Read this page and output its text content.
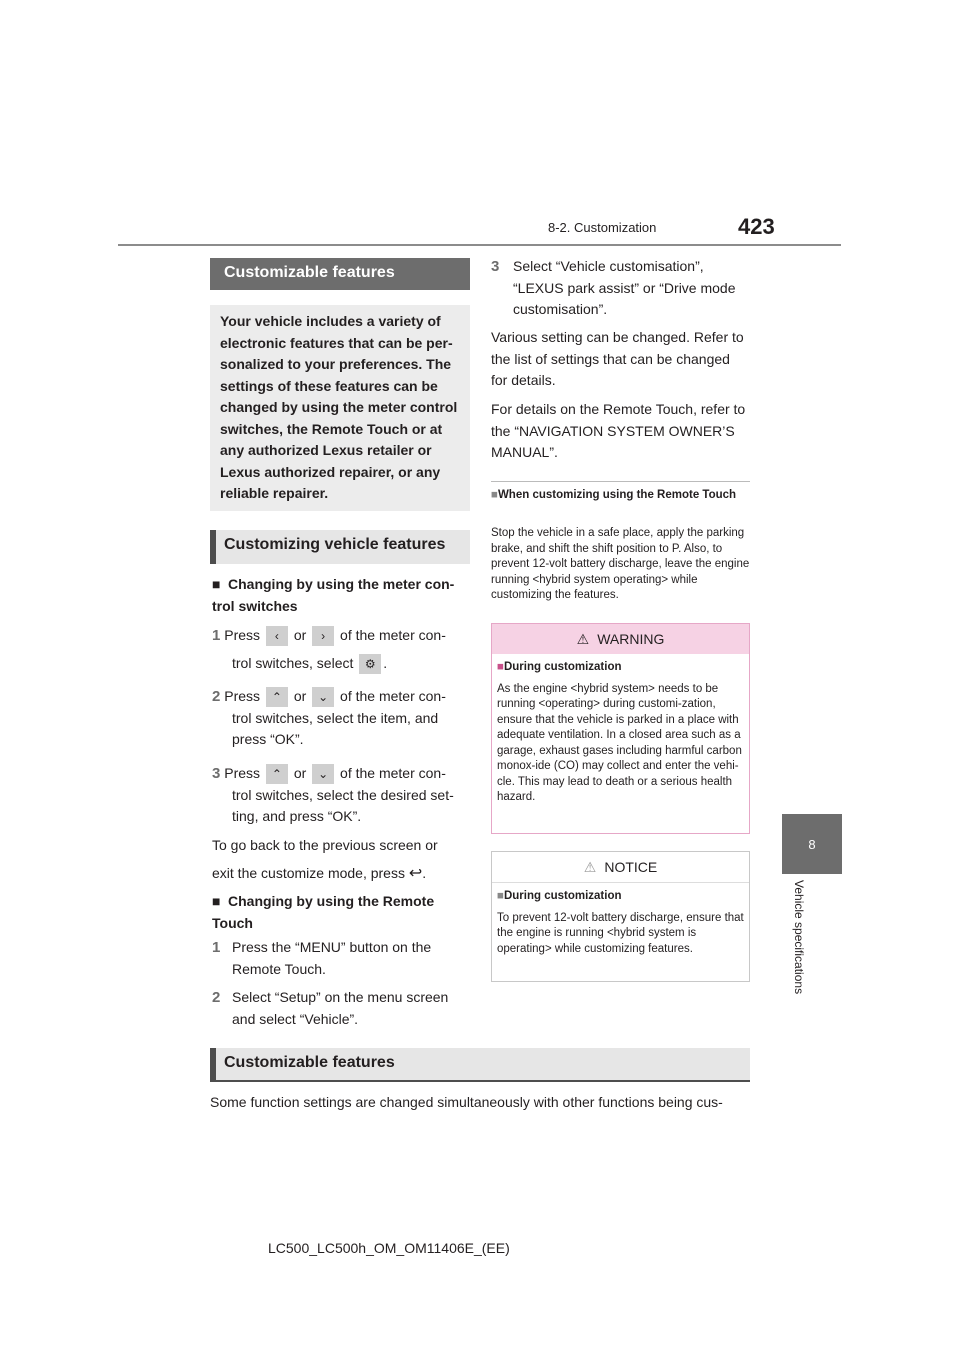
8-2. Customization	423
8
Vehicle specifications
Customizable features
Your vehicle includes a variety of electronic features that can be per-sonalized to your preferences. The settings of these features can be changed by using the meter control switches, the Remote Touch or at any authorized Lexus retailer or Lexus authorized repairer, or any reliable repairer.
Customizing vehicle features
■ Changing by using the meter con-trol switches
1 Press ‹ or › of the meter con-
trol switches, select ⚙ .
2 Press ⌃ or ⌄ of the meter con-
trol switches, select the item, and press “OK”.
3 Press ⌃ or ⌄ of the meter con-
trol switches, select the desired set-ting, and press “OK”.
To go back to the previous screen or
exit the customize mode, press ↩.
■ Changing by using the Remote Touch
1 Press the “MENU” button on the Remote Touch.
2 Select “Setup” on the menu screen and select “Vehicle”.
3 Select “Vehicle customisation”, “LEXUS park assist” or “Drive mode customisation”.
Various setting can be changed. Refer to the list of settings that can be changed for details.
For details on the Remote Touch, refer to the “NAVIGATION SYSTEM OWNER’S MANUAL”.
■When customizing using the Remote Touch
Stop the vehicle in a safe place, apply the parking brake, and shift the shift position to P. Also, to prevent 12-volt battery discharge, leave the engine running <hybrid system operating> while customizing the features.
⚠ WARNING
■During customization
As the engine <hybrid system> needs to be running <operating> during customi-zation, ensure that the vehicle is parked in a place with adequate ventilation. In a closed area such as a garage, exhaust gases including harmful carbon monox-ide (CO) may collect and enter the vehi-cle. This may lead to death or a serious health hazard.
⚠ NOTICE
■During customization
To prevent 12-volt battery discharge, ensure that the engine is running <hybrid system is operating> while customizing features.
Customizable features
Some function settings are changed simultaneously with other functions being cus-
LC500_LC500h_OM_OM11406E_(EE)
